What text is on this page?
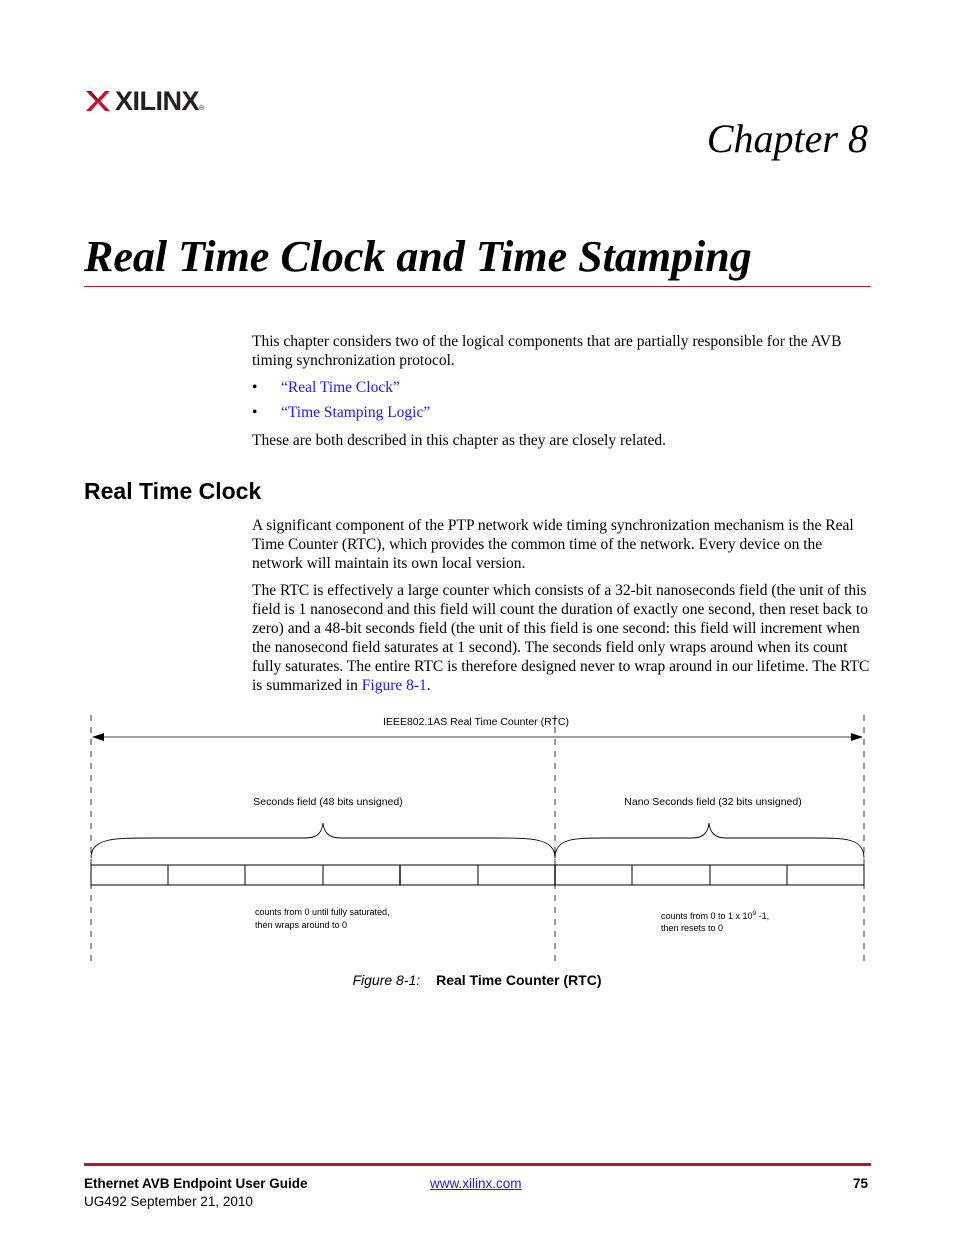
XILINX ®
Chapter 8
Real Time Clock and Time Stamping

This chapter considers two of the logical components that are partially responsible for the AVB timing synchronization protocol.

• “Real Time Clock”
• “Time Stamping Logic”

These are both described in this chapter as they are closely related.

Real Time Clock

A significant component of the PTP network wide timing synchronization mechanism is the Real Time Counter (RTC), which provides the common time of the network. Every device on the network will maintain its own local version.

The RTC is effectively a large counter which consists of a 32-bit nanoseconds field (the unit of this field is 1 nanosecond and this field will count the duration of exactly one second, then reset back to zero) and a 48-bit seconds field (the unit of this field is one second: this field will increment when the nanosecond field saturates at 1 second). The seconds field only wraps around when its count fully saturates. The entire RTC is therefore designed never to wrap around in our lifetime. The RTC is summarized in Figure 8-1.

IEEE802.1AS Real Time Counter (RTC)
Seconds field (48 bits unsigned)	Nano Seconds field (32 bits unsigned)
counts from 0 until fully saturated,
then wraps around to 0
counts from 0 to 1 x $10^9$ -1,
then resets to 0
Figure 8-1: Real Time Counter (RTC)
Ethernet AVB Endpoint User Guide
UG492 September 21, 2010
www.xilinx.com	75
